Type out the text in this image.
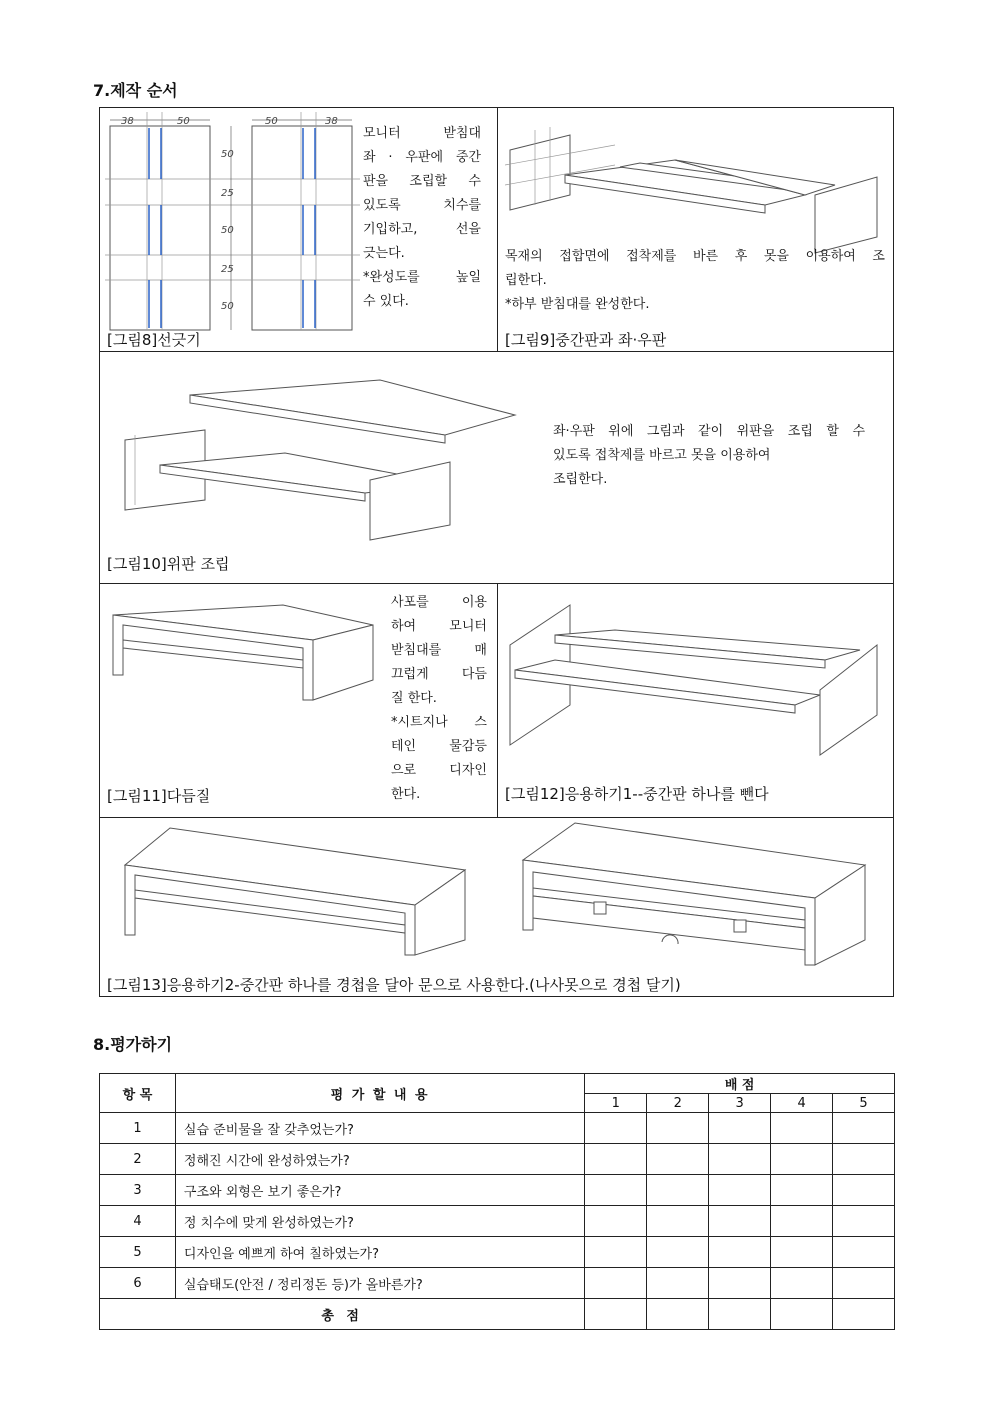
7.제작 순서
38	50	50	38
50
25
50
25
50
모니터 받침대
좌 · 우판에 중간
판을 조립할 수
있도록 치수를
기입하고, 선을
긋는다.
*완성도를 높일
수 있다.
[그림8]선긋기
목재의 접합면에 접착제를 바른 후 못을 이용하여 조
립한다.
*하부 받침대를 완성한다.
[그림9]중간판과 좌·우판
좌·우판 위에 그림과 같이 위판을 조립 할 수
있도록 접착제를 바르고 못을 이용하여
조립한다.
[그림10]위판 조립
사포를 이용
하여 모니터
받침대를 매
끄럽게 다듬
질 한다.
*시트지나 스
테인 물감등
으로 디자인
한다.
[그림11]다듬질	[그림12]응용하기1--중간판 하나를 뺀다
[그림13]응용하기2-중간판 하나를 경첩을 달아 문으로 사용한다.(나사못으로 경첩 달기)
8.평가하기
항 목	평 가 할 내 용	배 점				
		1	2	3	4	5
1	실습 준비물을 잘 갖추었는가?					
2	정해진 시간에 완성하였는가?					
3	구조와 외형은 보기 좋은가?					
4	정 치수에 맞게 완성하였는가?					
5	디자인을 예쁘게 하여 칠하였는가?					
6	실습태도(안전 / 정리정돈 등)가 올바른가?					
총 점						
